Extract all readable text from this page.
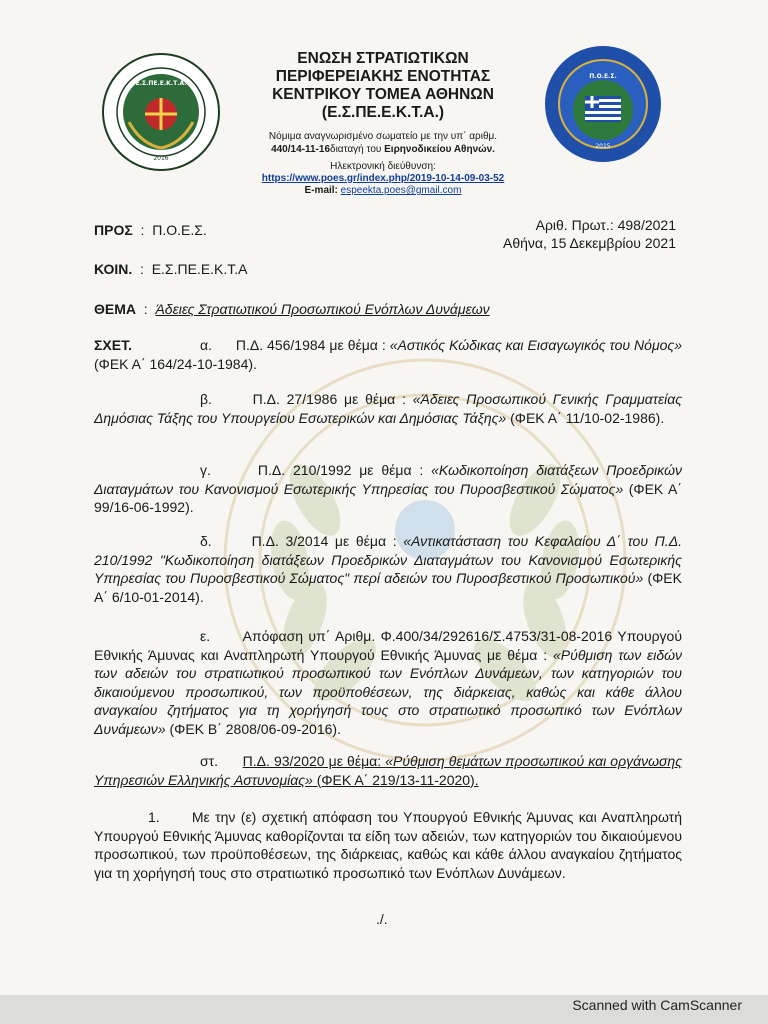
Ε.Σ.ΠΕ.Ε.Κ.Τ.Α.
2016
Π.Ο.Ε.Σ.
2015
ΕΝΩΣΗ ΣΤΡΑΤΙΩΤΙΚΩΝ
ΠΕΡΙΦΕΡΕΙΑΚΗΣ ΕΝΟΤΗΤΑΣ
ΚΕΝΤΡΙΚΟΥ ΤΟΜΕΑ ΑΘΗΝΩΝ
(Ε.Σ.ΠΕ.Ε.Κ.Τ.Α.)
Νόμιμα αναγνωρισμένο σωματείο με την υπ΄ αριθμ.
440/14-11-16διαταγή του Ειρηνοδικείου Αθηνών.
Ηλεκτρονική διεύθυνση:
https://www.poes.gr/index.php/2019-10-14-09-03-52
E-mail: espeekta.poes@gmail.com
ΠΡΟΣ  :  Π.Ο.Ε.Σ.	Αριθ. Πρωτ.: 498/2021
Αθήνα, 15 Δεκεμβρίου 2021
ΚΟΙΝ.  :  Ε.Σ.ΠΕ.Ε.Κ.Τ.Α
ΘΕΜΑ  :  Άδειες Στρατιωτικού Προσωπικού Ενόπλων Δυνάμεων
ΣΧΕΤ.	α. Π.Δ. 456/1984 με θέμα : «Αστικός Κώδικας και Εισαγωγικός του Νόμος» (ΦΕΚ Α΄ 164/24-10-1984).
β.	Π.Δ. 27/1986 με θέμα : «Άδειες Προσωπικού Γενικής Γραμματείας Δημόσιας Τάξης του Υπουργείου Εσωτερικών και Δημόσιας Τάξης» (ΦΕΚ Α΄ 11/10-02-1986).
γ.	Π.Δ. 210/1992 με θέμα : «Κωδικοποίηση διατάξεων Προεδρικών Διαταγμάτων του Κανονισμού Εσωτερικής Υπηρεσίας του Πυροσβεστικού Σώματος» (ΦΕΚ Α΄ 99/16-06-1992).
δ.	Π.Δ. 3/2014 με θέμα : «Αντικατάσταση του Κεφαλαίου Δ΄ του Π.Δ. 210/1992 "Κωδικοποίηση διατάξεων Προεδρικών Διαταγμάτων του Κανονισμού Εσωτερικής Υπηρεσίας του Πυροσβεστικού Σώματος" περί αδειών του Πυροσβεστικού Προσωπικού» (ΦΕΚ Α΄ 6/10-01-2014).
ε. Απόφαση υπ΄ Αριθμ. Φ.400/34/292616/Σ.4753/31-08-2016 Υπουργού Εθνικής Άμυνας και Αναπληρωτή Υπουργού Εθνικής Άμυνας με θέμα : «Ρύθμιση των ειδών των αδειών του στρατιωτικού προσωπικού των Ενόπλων Δυνάμεων, των κατηγοριών του δικαιούμενου προσωπικού, των προϋποθέσεων, της διάρκειας, καθώς και κάθε άλλου αναγκαίου ζητήματος για τη χορήγησή τους στο στρατιωτικό προσωπικό των Ενόπλων Δυνάμεων» (ΦΕΚ Β΄ 2808/06-09-2016).
στ. Π.Δ. 93/2020 με θέμα: «Ρύθμιση θεμάτων προσωπικού και οργάνωσης Υπηρεσιών Ελληνικής Αστυνομίας» (ΦΕΚ Α΄ 219/13-11-2020).
1. Με την (ε) σχετική απόφαση του Υπουργού Εθνικής Άμυνας και Αναπληρωτή Υπουργού Εθνικής Άμυνας καθορίζονται τα είδη των αδειών, των κατηγοριών του δικαιούμενου προσωπικού, των προϋποθέσεων, της διάρκειας, καθώς και κάθε άλλου αναγκαίου ζητήματος για τη χορήγησή τους στο στρατιωτικό προσωπικό των Ενόπλων Δυνάμεων.
./.
Scanned with CamScanner
